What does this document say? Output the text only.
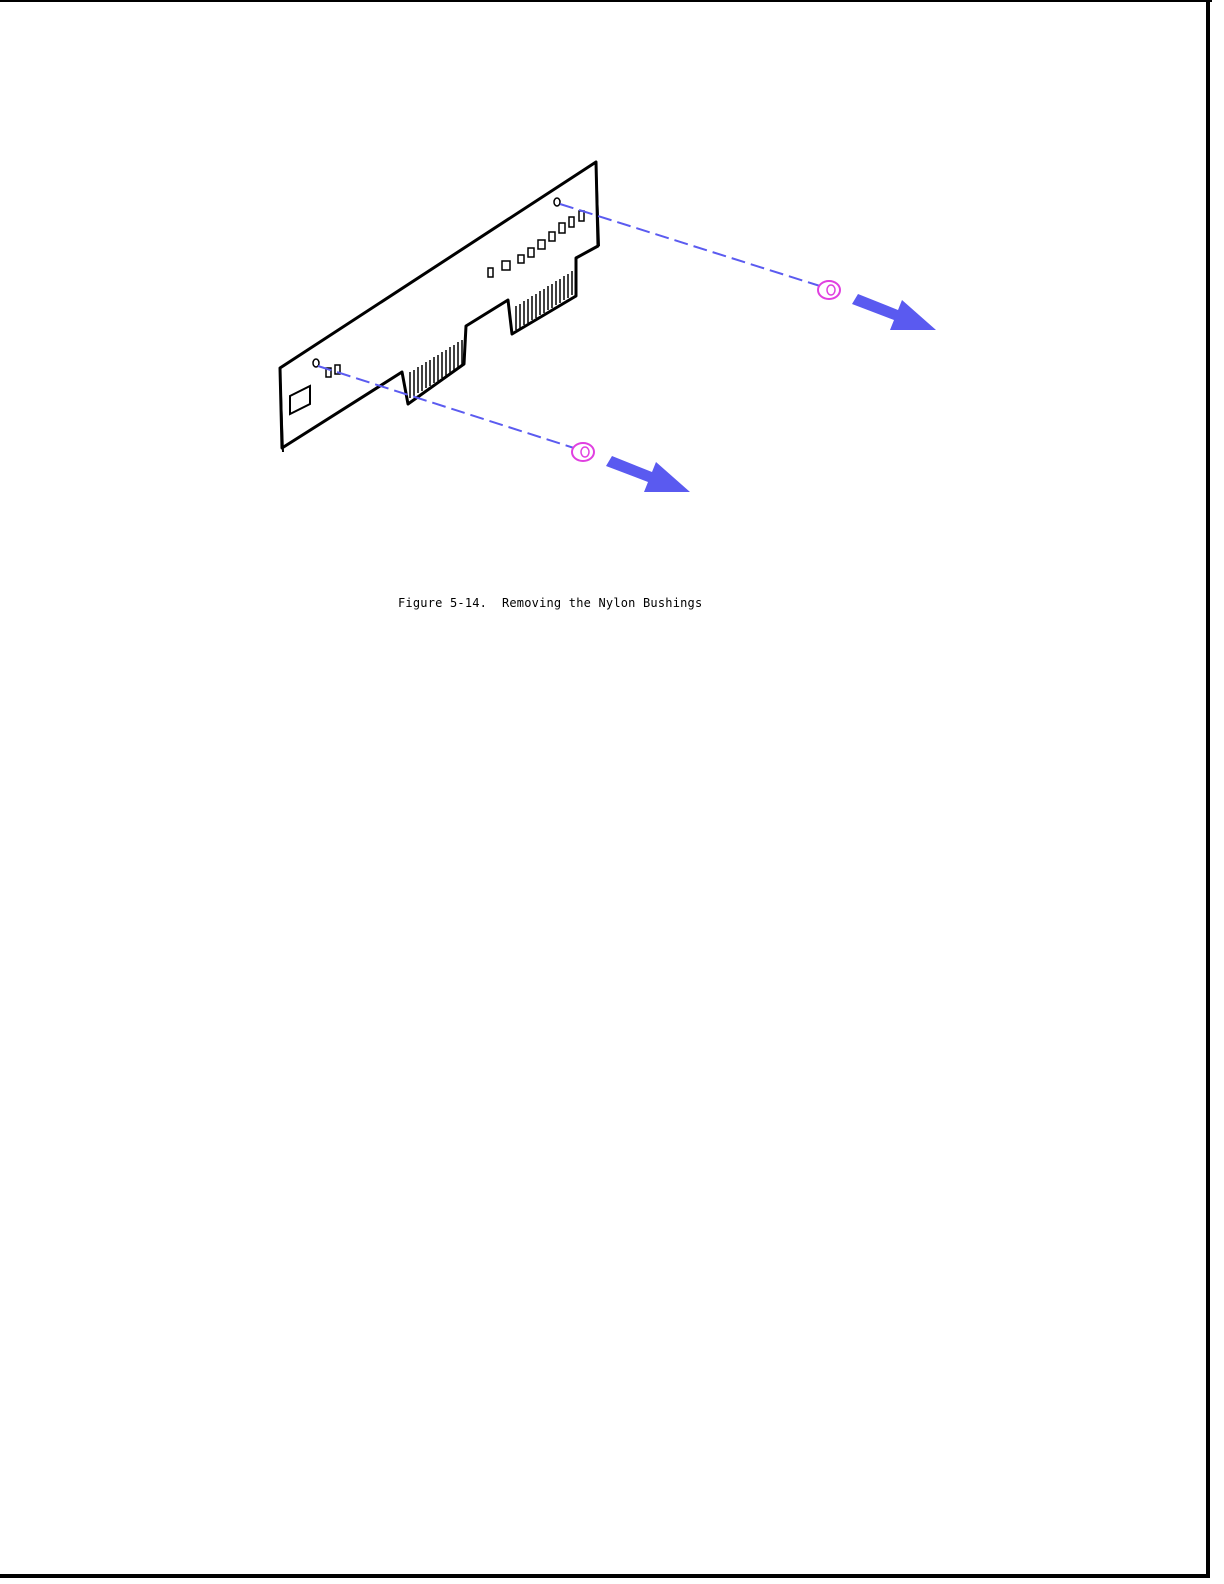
Figure 5-14.  Removing the Nylon Bushings
